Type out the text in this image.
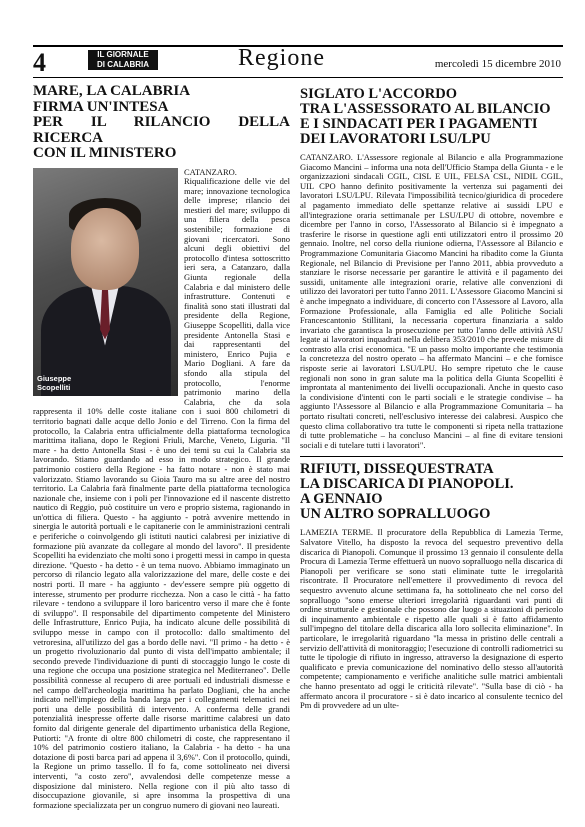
4	IL GIORNALE
DI CALABRIA	Regione	mercoledì 15 dicembre 2010
MARE, LA CALABRIA
FIRMA UN'INTESA
PER IL RILANCIO DELLA RICERCA
CON IL MINISTERO
Giuseppe
Scopelliti

CATANZARO. Riqualificazione delle vie del mare; innovazione tecnologica delle imprese; rilancio dei mestieri del mare; sviluppo di una filiera della pesca sostenibile; formazione di giovani ricercatori. Sono alcuni degli obiettivi del protocollo d'intesa sottoscritto ieri sera, a Catanzaro, dalla Giunta regionale della Calabria e dal ministero delle infrastrutture. Contenuti e finalità sono stati illustrati dal presidente della Regione, Giuseppe Scopelliti, dalla vice presidente Antonella Stasi e dai rappresentanti del ministero, Enrico Pujia e Mario Dogliani. A fare da sfondo alla stipula del protocollo, l'enorme patrimonio marino della Calabria, che da sola rappresenta il 10% delle coste italiane con i suoi 800 chilometri di territorio bagnati dalle acque dello Jonio e del Tirreno. Con la firma del protocollo, la Calabria entra ufficialmente della piattaforma tecnologica marittima italiana, dopo le Regioni Friuli, Marche, Veneto, Liguria. "Il mare - ha detto Antonella Stasi - è uno dei temi su cui la Calabria sta lavorando. Stiamo guardando ad esso in modo strategico. Il grande patrimonio costiero della Regione - ha fatto notare - non è stato mai valorizzato. Stiamo lavorando su Gioia Tauro ma su altre aree del nostro territorio. La Calabria farà finalmente parte della piattaforma tecnologica nazionale che, insieme con i poli per l'innovazione ed il nascente distretto nautico di Reggio, può costituire un vero e proprio sistema, ragionando in un'ottica di filiera. Questo - ha aggiunto - potrà avvenire mettendo in sinergia le autorità portuali e le capitanerie con le amministrazioni centrali e periferiche o coinvolgendo gli istituti nautici calabresi per iniziative di formazione più avanzate da collegare al mondo del lavoro". Il presidente Scopelliti ha evidenziato che molti sono i progetti messi in campo in questa direzione. "Questo - ha detto - è un tema nuovo. Abbiamo immaginato un percorso di rilancio legato alla valorizzazione del mare, delle coste e dei nostri porti. Il mare - ha aggiunto - dev'essere sempre più oggetto di interesse, strumento per produrre ricchezza. Non a caso le città - ha fatto rilevare - tendono a sviluppare il loro baricentro verso il mare che è fonte di sviluppo". Il responsabile del dipartimento competente del Ministero delle Infrastrutture, Enrico Pujia, ha indicato alcune delle possibilità di sviluppo messe in campo con il protocollo: dallo smaltimento del vetroresina, all'utilizzo del gas a bordo delle navi. "Il primo - ha detto - è un progetto rivoluzionario dal punto di vista dell'impatto ambientale; il secondo prevede l'individuazione di punti di stoccaggio lungo le coste di una regione che occupa una posizione strategica nel Mediterraneo". Delle possibilità connesse al recupero di aree portuali ed industriali dismesse e nel campo dell'archeologia marittima ha parlato Dogliani, che ha anche indicato nell'impiego della banda larga per i collegamenti telematici nei porti una delle possibilità di intervento. A conferma delle grandi potenzialità inespresse offerte dalle risorse marittime calabresi un dato fornito dal dirigente generale del dipartimento urbanistica della Regione, Putiorti: "A fronte di oltre 800 chilometri di coste, che rappresentano il 10% del patrimonio costiero italiano, la Calabria - ha detto - ha una dotazione di posti barca pari ad appena il 3,6%". Con il protocollo, quindi, la Regione un primo tassello. Il fo fa, come sottolineato nei diversi interventi, "a costo zero", avvalendosi delle competenze messe a disposizione dal ministero. Nella regione con il più alto tasso di disoccupazione giovanile, si apre insomma la prospettiva di una formazione specializzata per un congruo numero di giovani neo laureati.

SIGLATO L'ACCORDO
TRA L'ASSESSORATO AL BILANCIO
E I SINDACATI PER I PAGAMENTI
DEI LAVORATORI LSU/LPU

CATANZARO. L'Assessore regionale al Bilancio e alla Programmazione Giacomo Mancini – informa una nota dell'Ufficio Stampa della Giunta - e le organizzazioni sindacali CGIL, CISL E UIL, FELSA CSL, NIDIL CGIL, UIL CPO hanno definito positivamente la vertenza sui pagamenti dei lavoratori LSU/LPU. Rilevata l'impossibilità tecnico/giuridica di procedere al pagamento immediato delle spettanze relative ai sussidi LPU e all'integrazione oraria settimanale per LSU/LPU di ottobre, novembre e dicembre per l'anno in corso, l'Assessorato al Bilancio si è impegnato a trasferire le risorse in questione agli enti utilizzatori entro il prossimo 20 gennaio. Inoltre, nel corso della riunione odierna, l'Assessore al Bilancio e Programmazione Comunitaria Giacomo Mancini ha ribadito come la Giunta Regionale, nel Bilancio di Previsione per l'anno 2011, abbia provveduto a stanziare le risorse necessarie per garantire le attività e il pagamento dei sussidi, unitamente alle integrazioni orarie, relative alle convenzioni di utilizzo dei lavoratori per tutto l'anno 2011. L'Assessore Giacomo Mancini si è anche impegnato a individuare, di concerto con l'Assessore al Lavoro, alla Formazione Professionale, alla Famiglia ed alle Politiche Sociali Francescantonio Stillitani, la necessaria copertura finanziaria a saldo invariato che garantisca la prosecuzione per tutto l'anno delle attività ASU legate ai lavoratori inquadrati nella delibera 353/2010 che prevede misure di contrasto alla crisi economica. "E un passo molto importante che testimonia la concretezza del nostro operato – ha affermato Mancini – e che fornisce risposte serie ai lavoratori LSU/LPU. Ho sempre ripetuto che le cause regionali non sono in gran salute ma la politica della Giunta Scopelliti è improntata al mantenimento dei livelli occupazionali. Anche in questo caso la condivisione d'intenti con le parti sociali e le strategie condivise – ha aggiunto l'Assessore al Bilancio e alla Programmazione Comunitaria – ha portato risultati concreti, nell'esclusivo interesse dei calabresi. Auspico che questo clima collaborativo tra tutte le componenti si ripeta nella trattazione di tutte problematiche – ha concluso Mancini – al fine di evitare tensioni sociali e di tutelare tutti i lavoratori".

RIFIUTI, DISSEQUESTRATA
LA DISCARICA DI PIANOPOLI.
A GENNAIO
UN ALTRO SOPRALLUOGO

LAMEZIA TERME. Il procuratore della Repubblica di Lamezia Terme, Salvatore Vitello, ha disposto la revoca del sequestro preventivo della discarica di Pianopoli. Comunque il prossimo 13 gennaio il consulente della Procura di Lamezia Terme effettuerà un nuovo sopralluogo nella discarica di Pianopoli per verificare se sono stati eliminate tutte le irregolarità riscontrate. Il Procuratore nell'emettere il provvedimento di revoca del sequestro avvenuto alcune settimana fa, ha sottolineato che nel corso del sopralluogo "sono emerse ulteriori irregolarità riguardanti vari punti di ordine strutturale e gestionale che possono dar luogo a situazioni di pericolo di inquinamento ambientale e rispetto alle quali si è fatto affidamento sull'impegno del titolare della discarica alla loro sollecita eliminazione". In particolare, le irregolarità riguardano "la messa in pristino delle centrali a servizio dell'attività di monitoraggio; l'esecuzione di controlli radiometrici su tutte le tipologie di rifiuto in ingresso, attraverso la designazione di esperto qualificato e previa comunicazione del nominativo dello stesso all'autorità competente; campionamento e verifiche analitiche sulle matrici ambientali che hanno presentato ad oggi le criticità rilevate". "Sulla base di ciò - ha affermato ancora il procuratore - si è dato incarico al consulente tecnico del Pm di provvedere ad un ulte-
